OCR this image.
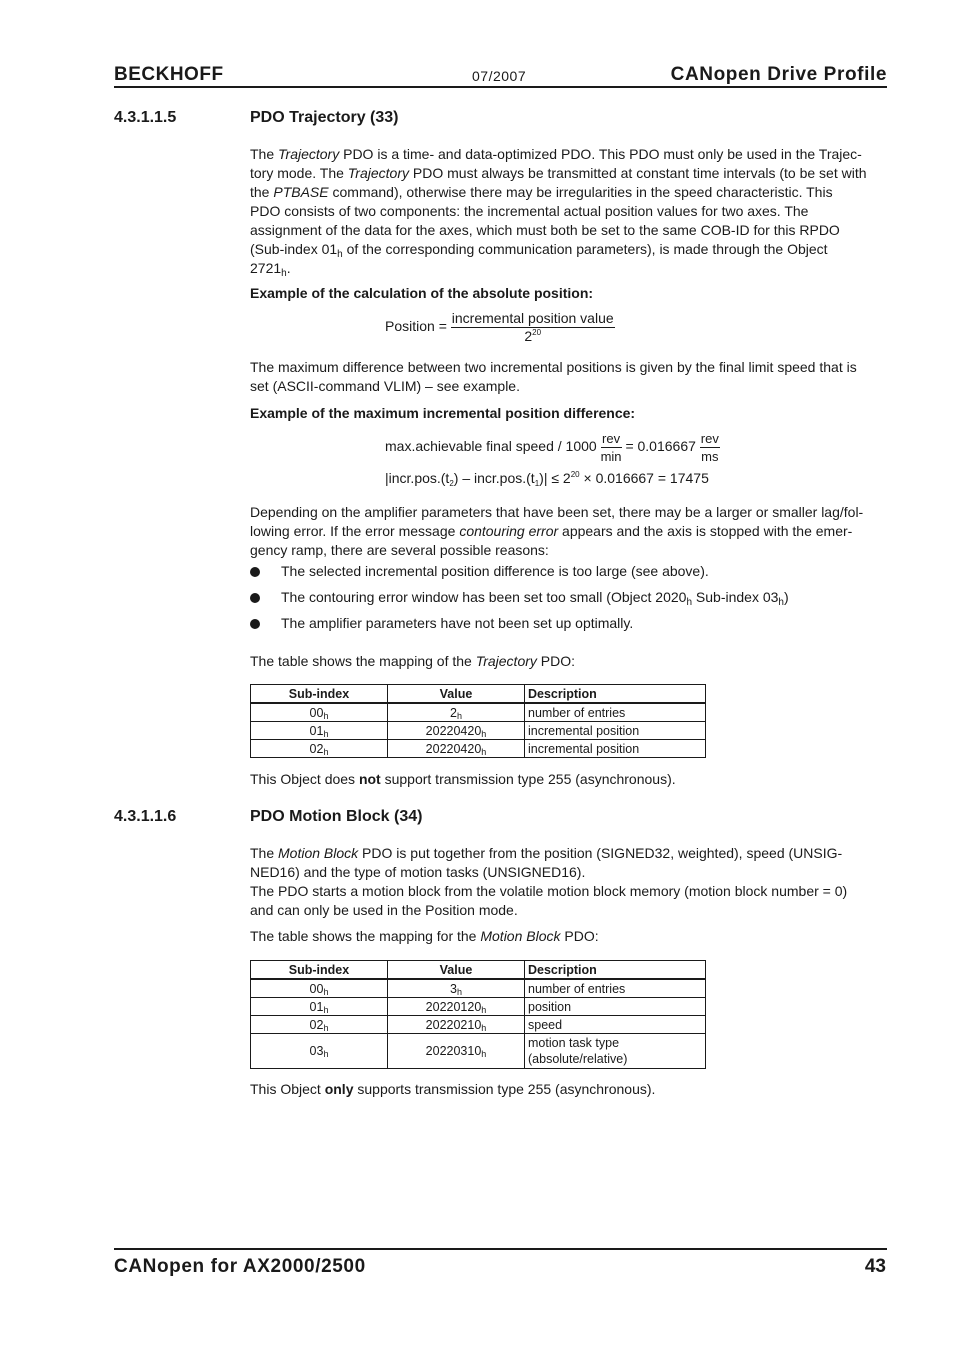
BECKHOFF	07/2007	CANopen Drive Profile
4.3.1.1.5	PDO Trajectory (33)
The Trajectory PDO is a time- and data-optimized PDO. This PDO must only be used in the Trajec-
tory mode. The Trajectory PDO must always be transmitted at constant time intervals (to be set with
the PTBASE command), otherwise there may be irregularities in the speed characteristic. This
PDO consists of two components: the incremental actual position values for two axes. The
assignment of the data for the axes, which must both be set to the same COB-ID for this RPDO
(Sub-index $01_h$ of the corresponding communication parameters), is made through the Object
$2721_h$.
Example of the calculation of the absolute position:
Position = $\frac{\text{incremental position value}}{2^{20}}$
The maximum difference between two incremental positions is given by the final limit speed that is
set (ASCII-command VLIM) – see example.
Example of the maximum incremental position difference:
max.achievable final speed / $1000 \frac{\text{rev}}{\min} = 0.016667 \frac{\text{rev}}{ms}$
$|incr.pos.(t_2)$ – $incr.pos.(t_1)| \le 2^{20} \times 0.016667 = 17475$
Depending on the amplifier parameters that have been set, there may be a larger or smaller lag/fol-
lowing error. If the error message contouring error appears and the axis is stopped with the emer-
gency ramp, there are several possible reasons:
The selected incremental position difference is too large (see above).
The contouring error window has been set too small (Object $2020_h$ Sub-index $03_h$)
The amplifier parameters have not been set up optimally.
The table shows the mapping of the Trajectory PDO:
Sub-index	Value	Description
$00_h$	$2_h$	number of entries
$01_h$	$20220420_h$	incremental position
$02_h$	$20220420_h$	incremental position
This Object does not support transmission type 255 (asynchronous).
4.3.1.1.6	PDO Motion Block (34)
The Motion Block PDO is put together from the position (SIGNED32, weighted), speed (UNSIG-
NED16) and the type of motion tasks (UNSIGNED16).
The PDO starts a motion block from the volatile motion block memory (motion block number = 0)
and can only be used in the Position mode.
The table shows the mapping for the Motion Block PDO:
Sub-index	Value	Description
$00_h$	$3_h$	number of entries
$01_h$	$20220120_h$	position
$02_h$	$20220210_h$	speed
$03_h$	$20220310_h$	motion task type
(absolute/relative)
This Object only supports transmission type 255 (asynchronous).
CANopen for AX2000/2500	43
